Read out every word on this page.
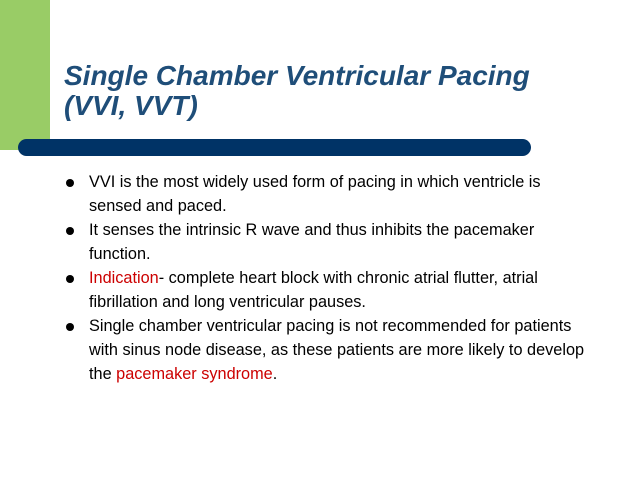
Single Chamber Ventricular Pacing (VVI, VVT)
VVI is the most widely used form of pacing in which ventricle is sensed and paced.
It senses the intrinsic R wave and thus inhibits the pacemaker function.
Indication- complete heart block with chronic atrial flutter, atrial fibrillation and long ventricular pauses.
Single chamber ventricular pacing is not recommended for patients with sinus node disease, as these patients are more likely to develop the pacemaker syndrome.
